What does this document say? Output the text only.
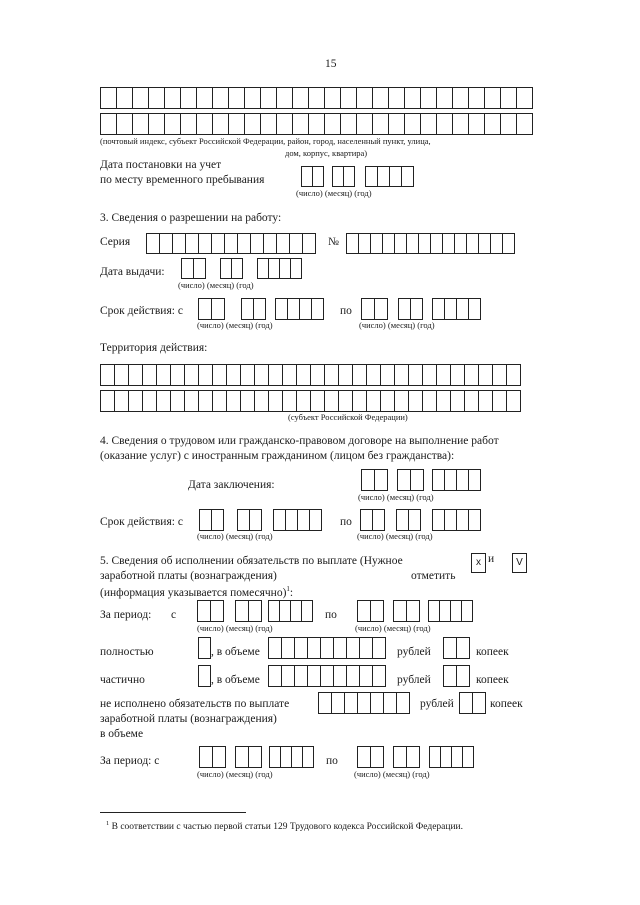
15
(почтовый индекс, субъект Российской Федерации, район, город, населенный пункт, улица,
дом, корпус, квартира)
Дата постановки на учет
по месту временного пребывания
(число) (месяц) (год)
3. Сведения о разрешении на работу:
Серия	№
Дата выдачи:
(число) (месяц) (год)
Срок действия: с	по
(число) (месяц) (год)	(число) (месяц) (год)
Территория действия:
(субъект Российской Федерации)
4. Сведения о трудовом или гражданско-правовом договоре на выполнение работ
(оказание услуг) с иностранным гражданином (лицом без гражданства):
Дата заключения:
(число) (месяц) (год)
Срок действия: с	по
(число) (месяц) (год)	(число) (месяц) (год)
5. Сведения об исполнении обязательств по выплате (Нужное
заработной платы (вознаграждения)
(информация указывается помесячно)$^1$:
x и	V
отметить
За период: с	по
(число) (месяц) (год)	(число) (месяц) (год)
полностью	, в объеме	рублей	копеек
частично	, в объеме	рублей	копеек
не исполнено обязательств по выплате
заработной платы (вознаграждения)
в объеме
рублей	копеек
За период: с	по
(число) (месяц) (год)	(число) (месяц) (год)
$^1$ В соответствии с частью первой статьи 129 Трудового кодекса Российской Федерации.
